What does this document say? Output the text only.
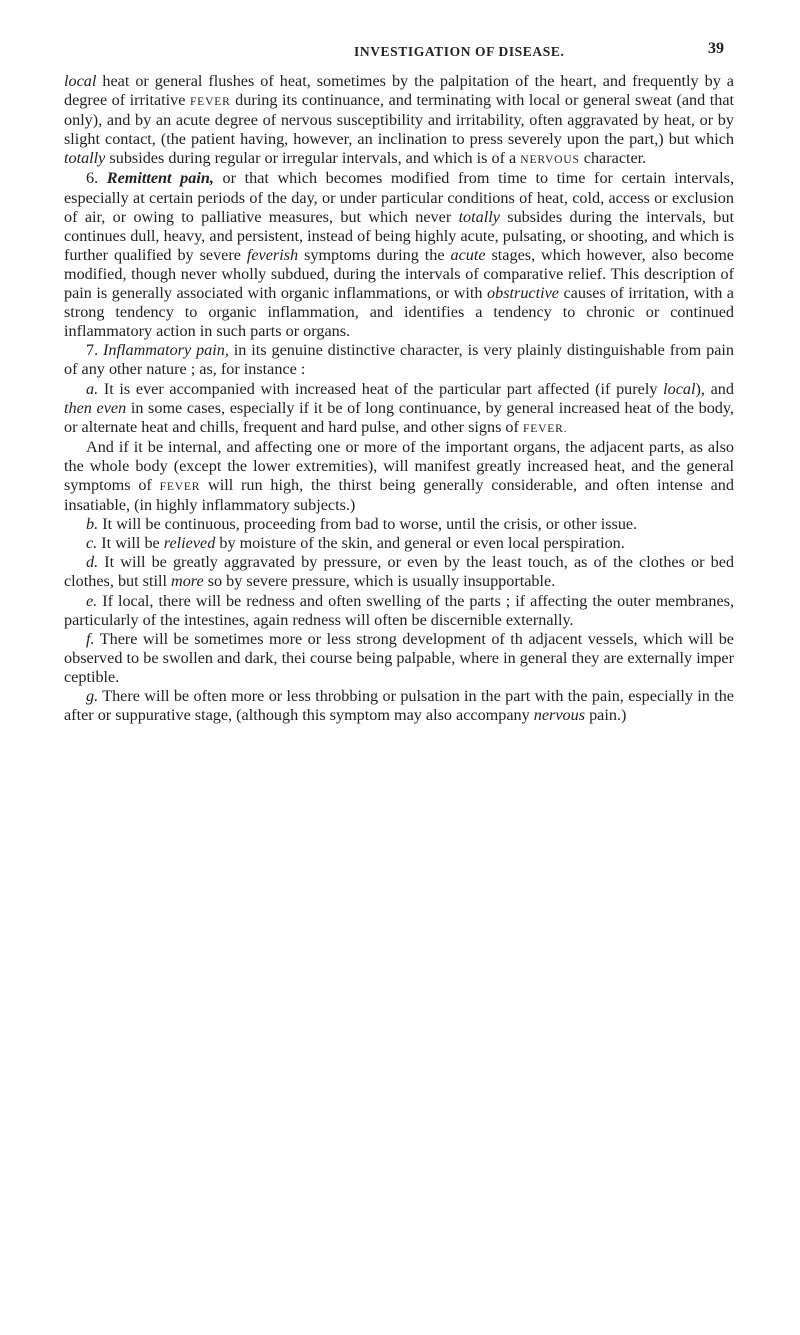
INVESTIGATION OF DISEASE.	39

local heat or general flushes of heat, sometimes by the palpitation of the heart, and frequently by a degree of irritative FEVER during its continuance, and terminating with local or general sweat (and that only), and by an acute degree of nervous susceptibility and irritability, often aggravated by heat, or by slight contact, (the patient having, however, an inclination to press severely upon the part,) but which totally subsides during regular or irregular intervals, and which is of a NERVOUS character.

6. Remittent pain, or that which becomes modified from time to time for certain intervals, especially at certain periods of the day, or under particular conditions of heat, cold, access or exclusion of air, or owing to palliative measures, but which never totally subsides during the intervals, but continues dull, heavy, and persistent, instead of being highly acute, pulsating, or shooting, and which is further qualified by severe feverish symptoms during the acute stages, which however, also become modified, though never wholly subdued, during the intervals of comparative relief. This description of pain is generally associated with organic inflammations, or with obstructive causes of irritation, with a strong tendency to organic inflammation, and identifies a tendency to chronic or continued inflammatory action in such parts or organs.

7. Inflammatory pain, in its genuine distinctive character, is very plainly distinguishable from pain of any other nature ; as, for instance :

a. It is ever accompanied with increased heat of the particular part affected (if purely local), and then even in some cases, especially if it be of long continuance, by general increased heat of the body, or alternate heat and chills, frequent and hard pulse, and other signs of FEVER.

And if it be internal, and affecting one or more of the important organs, the adjacent parts, as also the whole body (except the lower extremities), will manifest greatly increased heat, and the general symptoms of FEVER will run high, the thirst being generally considerable, and often intense and insatiable, (in highly inflammatory subjects.)

b. It will be continuous, proceeding from bad to worse, until the crisis, or other issue.

c. It will be relieved by moisture of the skin, and general or even local perspiration.

d. It will be greatly aggravated by pressure, or even by the least touch, as of the clothes or bed clothes, but still more so by severe pressure, which is usually insupportable.

e. If local, there will be redness and often swelling of the parts ; if affecting the outer membranes, particularly of the intestines, again redness will often be discernible externally.

f. There will be sometimes more or less strong development of th adjacent vessels, which will be observed to be swollen and dark, thei course being palpable, where in general they are externally imper ceptible.

g. There will be often more or less throbbing or pulsation in the part with the pain, especially in the after or suppurative stage, (although this symptom may also accompany nervous pain.)
